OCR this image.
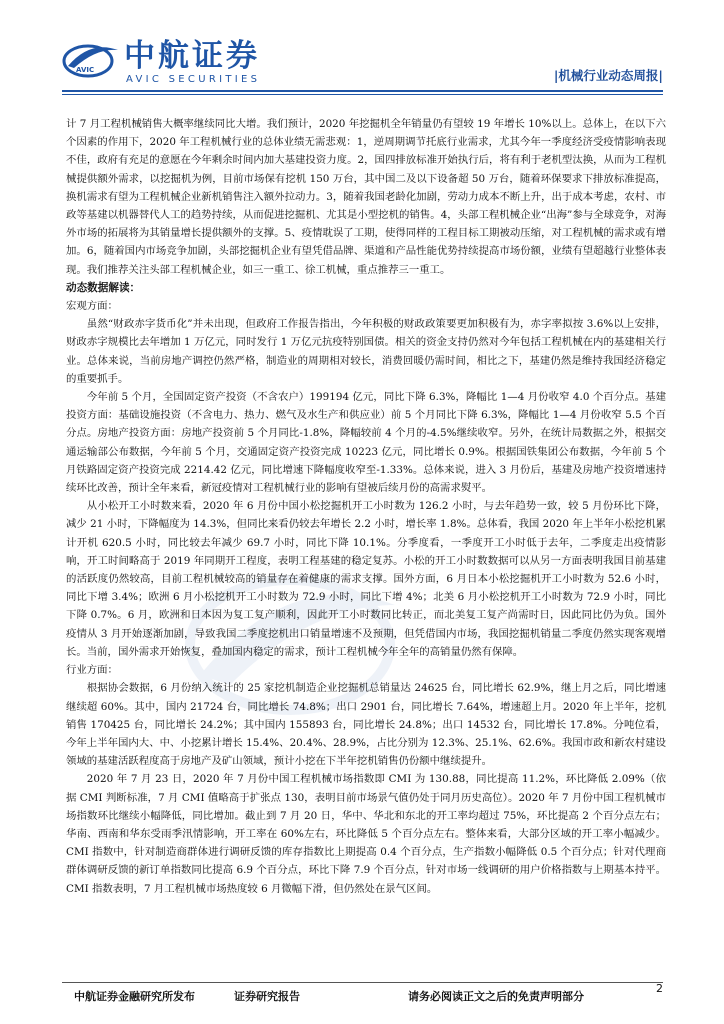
AVIC 中航证券
AVIC SECURITIES	|机械行业动态周报|

计 7 月工程机械销售大概率继续同比大增。我们预计，2020 年挖掘机全年销量仍有望较 19 年增长 10%以上。总体上，在以下六个因素的作用下，2020 年工程机械行业的总体业绩无需悲观：1，逆周期调节托底行业需求，尤其今年一季度经济受疫情影响表现不佳，政府有充足的意愿在今年剩余时间内加大基建投资力度。2，国四排放标准开始执行后，将有利于老机型汰换，从而为工程机械提供额外需求，以挖掘机为例，目前市场保有挖机 150 万台，其中国二及以下设备超 50 万台，随着环保要求下排放标准提高，换机需求有望为工程机械企业新机销售注入额外拉动力。3，随着我国老龄化加剧，劳动力成本不断上升，出于成本考虑，农村、市政等基建以机器替代人工的趋势持续，从而促进挖掘机、尤其是小型挖机的销售。4，头部工程机械企业“出海”参与全球竞争，对海外市场的拓展将为其销量增长提供额外的支撑。5、疫情耽误了工期，使得同样的工程目标工期被动压缩，对工程机械的需求或有增加。6，随着国内市场竞争加剧，头部挖掘机企业有望凭借品牌、渠道和产品性能优势持续提高市场份额，业绩有望超越行业整体表现。我们推荐关注头部工程机械企业，如三一重工、徐工机械，重点推荐三一重工。

动态数据解读：

宏观方面：

虽然“财政赤字货币化”并未出现，但政府工作报告指出，今年积极的财政政策要更加积极有为，赤字率拟按 3.6%以上安排，财政赤字规模比去年增加 1 万亿元，同时发行 1 万亿元抗疫特别国债。相关的资金支持仍然对今年包括工程机械在内的基建相关行业。总体来说，当前房地产调控仍然严格，制造业的周期相对较长，消费回暖仍需时间，相比之下，基建仍然是维持我国经济稳定的重要抓手。

今年前 5 个月，全国固定资产投资（不含农户）199194 亿元，同比下降 6.3%，降幅比 1—4 月份收窄 4.0 个百分点。基建投资方面：基础设施投资（不含电力、热力、燃气及水生产和供应业）前 5 个月同比下降 6.3%，降幅比 1—4 月份收窄 5.5 个百分点。房地产投资方面：房地产投资前 5 个月同比-1.8%，降幅较前 4 个月的-4.5%继续收窄。另外，在统计局数据之外，根据交通运输部公布数据，今年前 5 个月，交通固定资产投资完成 10223 亿元，同比增长 0.9%。根据国铁集团公布数据，今年前 5 个月铁路固定资产投资完成 2214.42 亿元，同比增速下降幅度收窄至-1.33%。总体来说，进入 3 月份后，基建及房地产投资增速持续环比改善，预计全年来看，新冠疫情对工程机械行业的影响有望被后续月份的高需求熨平。

从小松开工小时数来看，2020 年 6 月份中国小松挖掘机开工小时数为 126.2 小时，与去年趋势一致，较 5 月份环比下降，减少 21 小时，下降幅度为 14.3%，但同比来看仍较去年增长 2.2 小时，增长率 1.8%。总体看，我国 2020 年上半年小松挖机累计开机 620.5 小时，同比较去年减少 69.7 小时，同比下降 10.1%。分季度看，一季度开工小时低于去年，二季度走出疫情影响，开工时间略高于 2019 年同期开工程度，表明工程基建的稳定复苏。小松的开工小时数数据可以从另一方面表明我国目前基建的活跃度仍然较高，目前工程机械较高的销量存在着健康的需求支撑。国外方面，6 月日本小松挖掘机开工小时数为 52.6 小时，同比下增 3.4%；欧洲 6 月小松挖机开工小时数为 72.9 小时，同比下增 4%；北美 6 月小松挖机开工小时数为 72.9 小时，同比下降 0.7%。6 月，欧洲和日本因为复工复产顺利，因此开工小时数同比转正，而北美复工复产尚需时日，因此同比仍为负。国外疫情从 3 月开始逐渐加剧，导致我国二季度挖机出口销量增速不及预期，但凭借国内市场，我国挖掘机销量二季度仍然实现客观增长。当前，国外需求开始恢复，叠加国内稳定的需求，预计工程机械今年全年的高销量仍然有保障。

行业方面：

根据协会数据，6 月份纳入统计的 25 家挖机制造企业挖掘机总销量达 24625 台，同比增长 62.9%，继上月之后，同比增速继续超 60%。其中，国内 21724 台，同比增长 74.8%；出口 2901 台，同比增长 7.64%，增速超上月。2020 年上半年，挖机销售 170425 台，同比增长 24.2%；其中国内 155893 台，同比增长 24.8%；出口 14532 台，同比增长 17.8%。分吨位看，今年上半年国内大、中、小挖累计增长 15.4%、20.4%、28.9%，占比分别为 12.3%、25.1%、62.6%。我国市政和新农村建设领域的基建活跃程度高于房地产及矿山领域，预计小挖在下半年挖机销售仍份额中继续提升。

2020 年 7 月 23 日，2020 年 7 月份中国工程机械市场指数即 CMI 为 130.88，同比提高 11.2%，环比降低 2.09%（依据 CMI 判断标准，7 月 CMI 值略高于扩张点 130，表明目前市场景气值仍处于同月历史高位）。2020 年 7 月份中国工程机械市场指数环比继续小幅降低，同比增加。截止到 7 月 20 日，华中、华北和东北的开工率均超过 75%，环比提高 2 个百分点左右；华南、西南和华东受雨季汛情影响，开工率在 60%左右，环比降低 5 个百分点左右。整体来看，大部分区域的开工率小幅减少。CMI 指数中，针对制造商群体进行调研反馈的库存指数比上期提高 0.4 个百分点，生产指数小幅降低 0.5 个百分点；针对代理商群体调研反馈的新订单指数同比提高 6.9 个百分点，环比下降 7.9 个百分点，针对市场一线调研的用户价格指数与上期基本持平。CMI 指数表明，7 月工程机械市场热度较 6 月微幅下滑，但仍然处在景气区间。

中航证券金融研究所发布	证券研究报告	请务必阅读正文之后的免责声明部分
2
